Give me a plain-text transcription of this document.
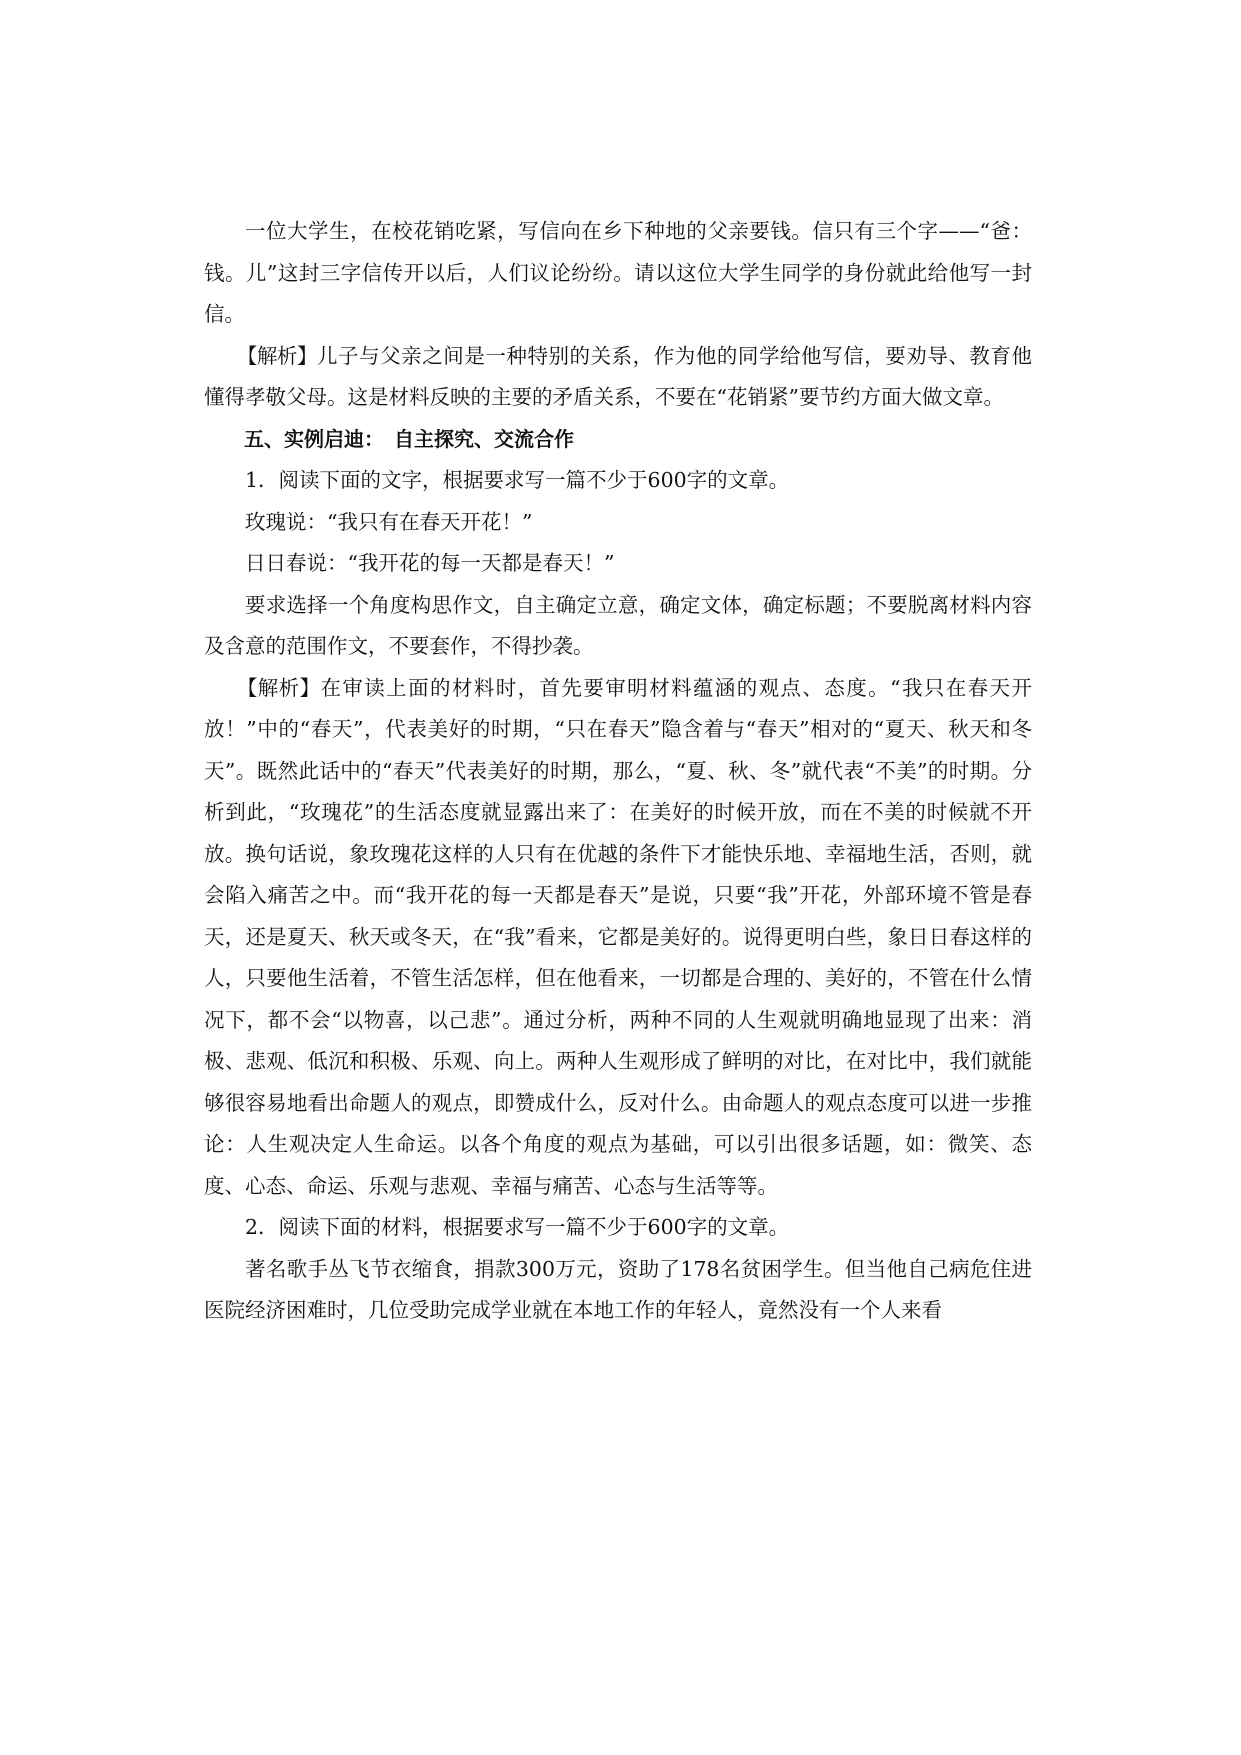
一位大学生，在校花销吃紧，写信向在乡下种地的父亲要钱。信只有三个字——“爸：钱。儿”这封三字信传开以后，人们议论纷纷。请以这位大学生同学的身份就此给他写一封信。

【解析】儿子与父亲之间是一种特别的关系，作为他的同学给他写信，要劝导、教育他懂得孝敬父母。这是材料反映的主要的矛盾关系，不要在“花销紧”要节约方面大做文章。

五、实例启迪：　自主探究、交流合作

1．阅读下面的文字，根据要求写一篇不少于600字的文章。

玫瑰说：“我只有在春天开花！”

日日春说：“我开花的每一天都是春天！”

要求选择一个角度构思作文，自主确定立意，确定文体，确定标题；不要脱离材料内容及含意的范围作文，不要套作，不得抄袭。

【解析】在审读上面的材料时，首先要审明材料蕴涵的观点、态度。“我只在春天开放！”中的“春天”，代表美好的时期，“只在春天”隐含着与“春天”相对的“夏天、秋天和冬天”。既然此话中的“春天”代表美好的时期，那么，“夏、秋、冬”就代表“不美”的时期。分析到此，“玫瑰花”的生活态度就显露出来了：在美好的时候开放，而在不美的时候就不开放。换句话说，象玫瑰花这样的人只有在优越的条件下才能快乐地、幸福地生活，否则，就会陷入痛苦之中。而“我开花的每一天都是春天”是说，只要“我”开花，外部环境不管是春天，还是夏天、秋天或冬天，在“我”看来，它都是美好的。说得更明白些，象日日春这样的人，只要他生活着，不管生活怎样，但在他看来，一切都是合理的、美好的，不管在什么情况下，都不会“以物喜，以己悲”。通过分析，两种不同的人生观就明确地显现了出来：消极、悲观、低沉和积极、乐观、向上。两种人生观形成了鲜明的对比，在对比中，我们就能够很容易地看出命题人的观点，即赞成什么，反对什么。由命题人的观点态度可以进一步推论：人生观决定人生命运。以各个角度的观点为基础，可以引出很多话题，如：微笑、态度、心态、命运、乐观与悲观、幸福与痛苦、心态与生活等等。

2．阅读下面的材料，根据要求写一篇不少于600字的文章。

著名歌手丛飞节衣缩食，捐款300万元，资助了178名贫困学生。但当他自己病危住进医院经济困难时，几位受助完成学业就在本地工作的年轻人，竟然没有一个人来看
